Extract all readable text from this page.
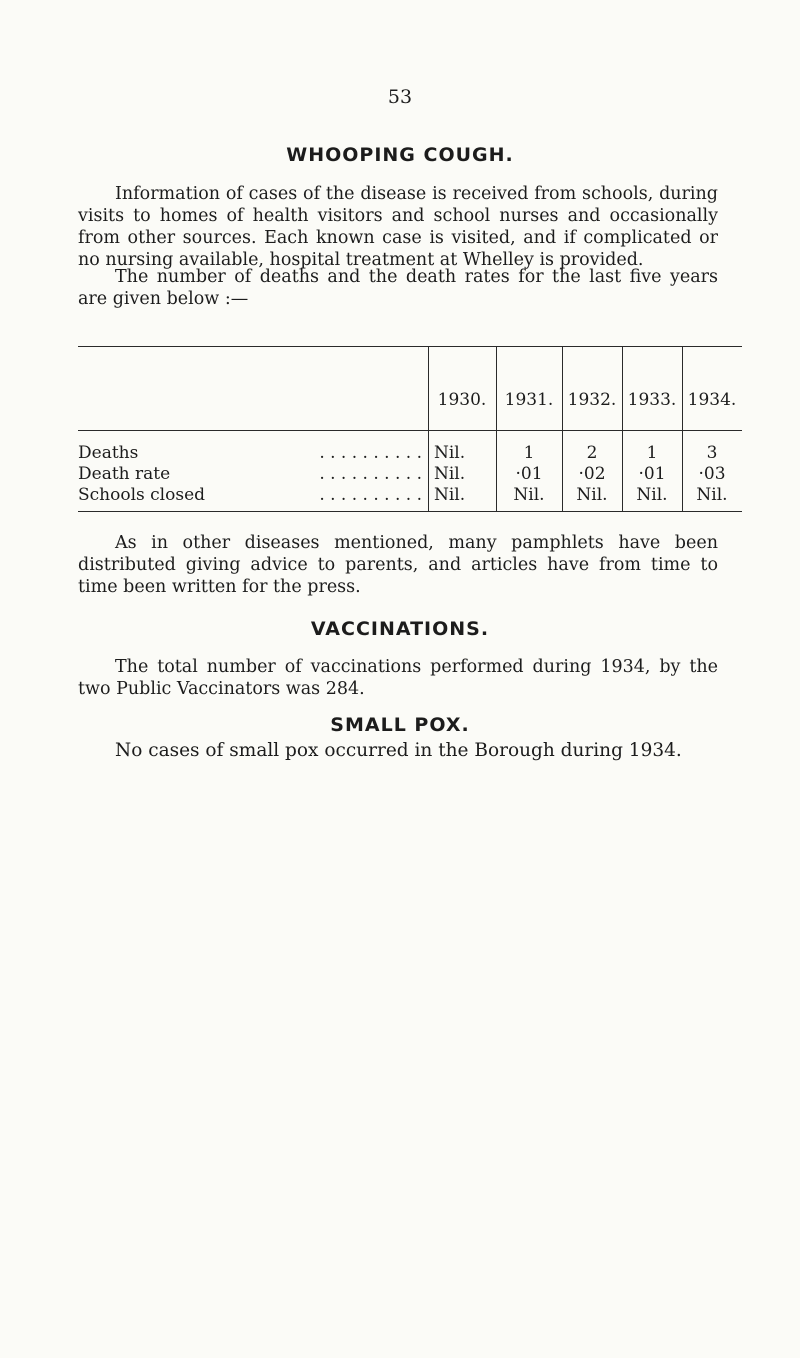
53
WHOOPING COUGH.

Information of cases of the disease is received from schools, during visits to homes of health visitors and school nurses and occasionally from other sources. Each known case is visited, and if complicated or no nursing available, hospital treatment at Whelley is provided.

The number of deaths and the death rates for the last five years are given below :—

1930.	1931. 1932. 1933. 1934.
Deaths	. . . . . . . . . . Nil.	1	2	1	3
Death rate	. . . . . . . . . . Nil.	·01	·02	·01	·03
Schools closed	. . . . . . . . . . Nil.	Nil.	Nil.	Nil.	Nil.

As in other diseases mentioned, many pamphlets have been distributed giving advice to parents, and articles have from time to time been written for the press.

VACCINATIONS.

The total number of vaccinations performed during 1934, by the two Public Vaccinators was 284.

SMALL POX.

No cases of small pox occurred in the Borough during 1934.
